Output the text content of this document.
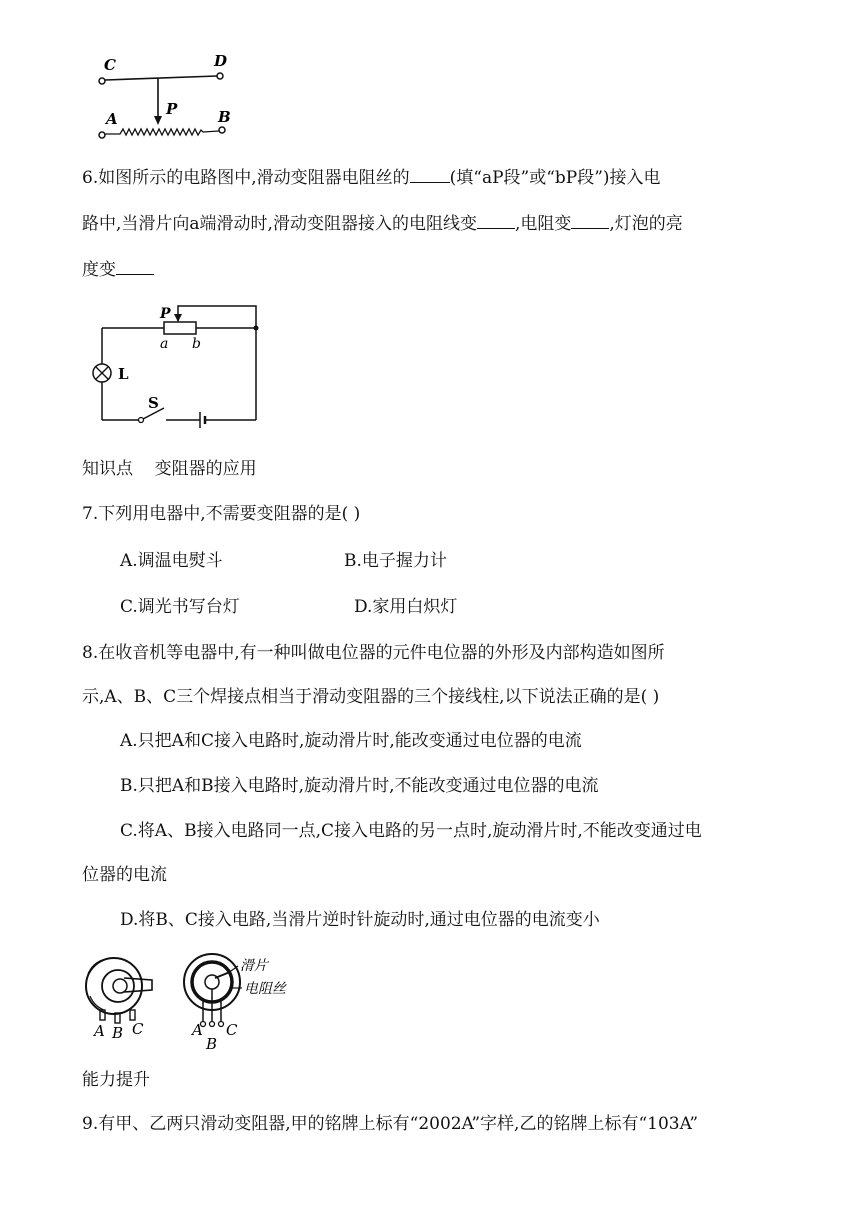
C	D
P
A	B
6.如图所示的电路图中,滑动变阻器电阻丝的 (填“aP段”或“bP段”)接入电
路中,当滑片向a端滑动时,滑动变阻器接入的电阻线变 ,电阻变 ,灯泡的亮
度变
P
a b
L
S
知识点    变阻器的应用
7.下列用电器中,不需要变阻器的是( )
A.调温电熨斗	B.电子握力计
C.调光书写台灯	D.家用白炽灯
8.在收音机等电器中,有一种叫做电位器的元件电位器的外形及内部构造如图所
示,A、B、C三个焊接点相当于滑动变阻器的三个接线柱,以下说法正确的是( )
A.只把A和C接入电路时,旋动滑片时,能改变通过电位器的电流
B.只把A和B接入电路时,旋动滑片时,不能改变通过电位器的电流
C.将A、B接入电路同一点,C接入电路的另一点时,旋动滑片时,不能改变通过电
位器的电流
D.将B、C接入电路,当滑片逆时针旋动时,通过电位器的电流变小
A B C
滑片
电阻丝
A
B
C
能力提升
9.有甲、乙两只滑动变阻器,甲的铭牌上标有“2002A”字样,乙的铭牌上标有“103A”
